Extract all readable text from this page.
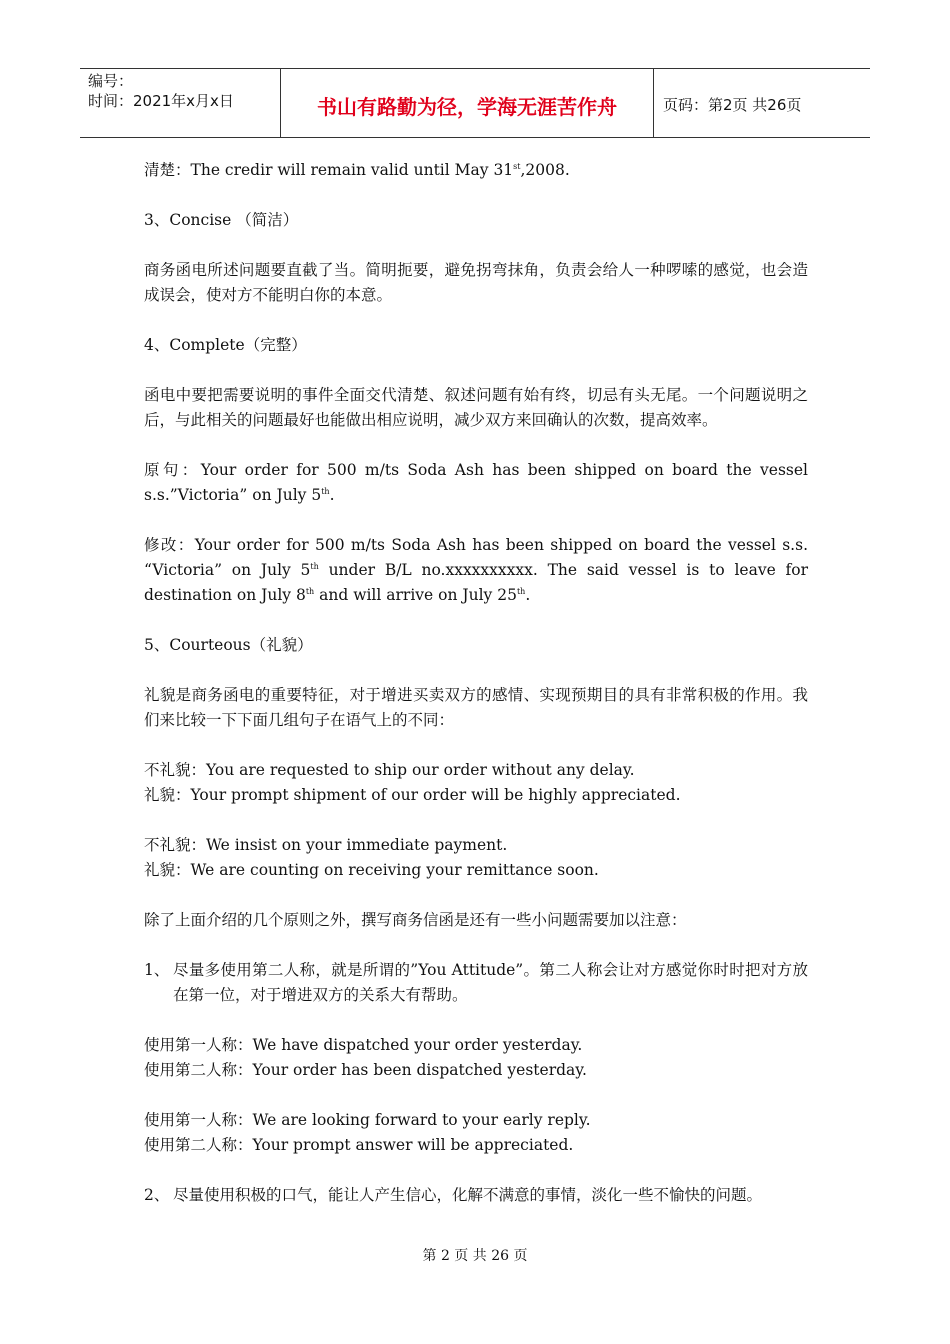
编号：
时间：2021年x月x日	书山有路勤为径，学海无涯苦作舟	页码：第2页 共26页

清楚：The credir will remain valid until May 31st,2008.

3、Concise （简洁）

商务函电所述问题要直截了当。简明扼要，避免拐弯抹角，负责会给人一种啰嗦的感觉，也会造成误会，使对方不能明白你的本意。

4、Complete（完整）

函电中要把需要说明的事件全面交代清楚、叙述问题有始有终，切忌有头无尾。一个问题说明之后，与此相关的问题最好也能做出相应说明，减少双方来回确认的次数，提高效率。

原句：Your order for 500 m/ts Soda Ash has been shipped on board the vessel s.s.”Victoria” on July 5th.

修改：Your order for 500 m/ts Soda Ash has been shipped on board the vessel s.s. “Victoria” on July 5th under B/L no.xxxxxxxxxx. The said vessel is to leave for destination on July 8th and will arrive on July 25th.

5、Courteous（礼貌）

礼貌是商务函电的重要特征，对于增进买卖双方的感情、实现预期目的具有非常积极的作用。我们来比较一下下面几组句子在语气上的不同：

不礼貌：You are requested to ship our order without any delay.

礼貌：Your prompt shipment of our order will be highly appreciated.

不礼貌：We insist on your immediate payment.

礼貌：We are counting on receiving your remittance soon.

除了上面介绍的几个原则之外，撰写商务信函是还有一些小问题需要加以注意：

1、 尽量多使用第二人称，就是所谓的”You Attitude”。第二人称会让对方感觉你时时把对方放在第一位，对于增进双方的关系大有帮助。

使用第一人称：We have dispatched your order yesterday.

使用第二人称：Your order has been dispatched yesterday.

使用第一人称：We are looking forward to your early reply.

使用第二人称：Your prompt answer will be appreciated.

2、 尽量使用积极的口气，能让人产生信心，化解不满意的事情，淡化一些不愉快的问题。

第 2 页 共 26 页
